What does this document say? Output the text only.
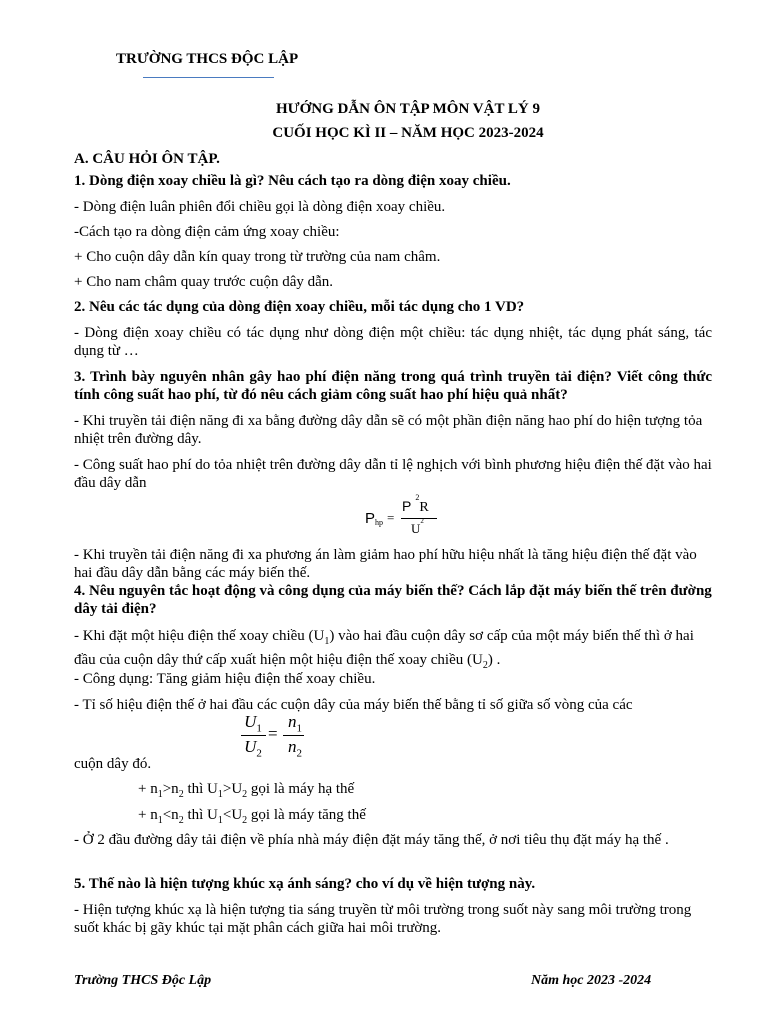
TRƯỜNG THCS ĐỘC LẬP
HƯỚNG DẪN ÔN TẬP MÔN VẬT LÝ 9
CUỐI HỌC KÌ II – NĂM HỌC 2023-2024

A. CÂU HỎI ÔN TẬP.

1. Dòng điện xoay chiều là gì? Nêu cách tạo ra dòng điện xoay chiều.

- Dòng điện luân phiên đổi chiều gọi là dòng điện xoay chiều.

-Cách tạo ra dòng điện cảm ứng xoay chiều:

+ Cho cuộn dây dẫn kín quay trong từ trường của nam châm.

+ Cho nam châm quay trước cuộn dây dẫn.

2. Nêu các tác dụng của dòng điện xoay chiều, mỗi tác dụng cho 1 VD?

- Dòng điện xoay chiều có tác dụng như dòng điện một chiều: tác dụng nhiệt, tác dụng phát sáng, tác dụng từ …

3. Trình bày nguyên nhân gây hao phí điện năng trong quá trình truyền tải điện? Viết công thức tính công suất hao phí, từ đó nêu cách giảm công suất hao phí hiệu quả nhất?

- Khi truyền tải điện năng đi xa bằng đường dây dẫn sẽ có một phần điện năng hao phí do hiện tượng tỏa nhiệt trên đường dây.

- Công suất hao phí do tỏa nhiệt trên đường dây dẫn tỉ lệ nghịch với bình phương hiệu điện thế đặt vào hai đầu dây dẫn

P hp =
$P^2R$
$U^2$

- Khi truyền tải điện năng đi xa phương án làm giảm hao phí hữu hiệu nhất là tăng hiệu điện thế đặt vào hai đầu dây dẫn bằng các máy biến thế.

4. Nêu nguyên tắc hoạt động và công dụng của máy biến thế? Cách lắp đặt máy biến thế trên đường dây tải điện?

- Khi đặt một hiệu điện thế xoay chiều $(U_1)$ vào hai đầu cuộn dây sơ cấp của một máy biến thế thì ở hai đầu của cuộn dây thứ cấp xuất hiện một hiệu điện thế xoay chiều $(U_2)$ .

- Công dụng: Tăng giảm hiệu điện thế xoay chiều.

- Tỉ số hiệu điện thế ở hai đầu các cuộn dây của máy biến thế bằng tỉ số giữa số vòng của các

$U_1$
$U_2$
=
$n_1$
$n_2$

cuộn dây đó.

+ $n_1>n_2$ thì $U_1>U_2$ gọi là máy hạ thế

+ $n_1<n_2$ thì $U_1<U_2$ gọi là máy tăng thế

- Ở 2 đầu đường dây tải điện về phía nhà máy điện đặt máy tăng thế, ở nơi tiêu thụ đặt máy hạ thế .

5. Thế nào là hiện tượng khúc xạ ánh sáng? cho ví dụ về hiện tượng này.

- Hiện tượng khúc xạ là hiện tượng tia sáng truyền từ môi trường trong suốt này sang môi trường trong suốt khác bị gãy khúc tại mặt phân cách giữa hai môi trường.

Trường THCS Độc Lập	Năm học 2023 -2024
